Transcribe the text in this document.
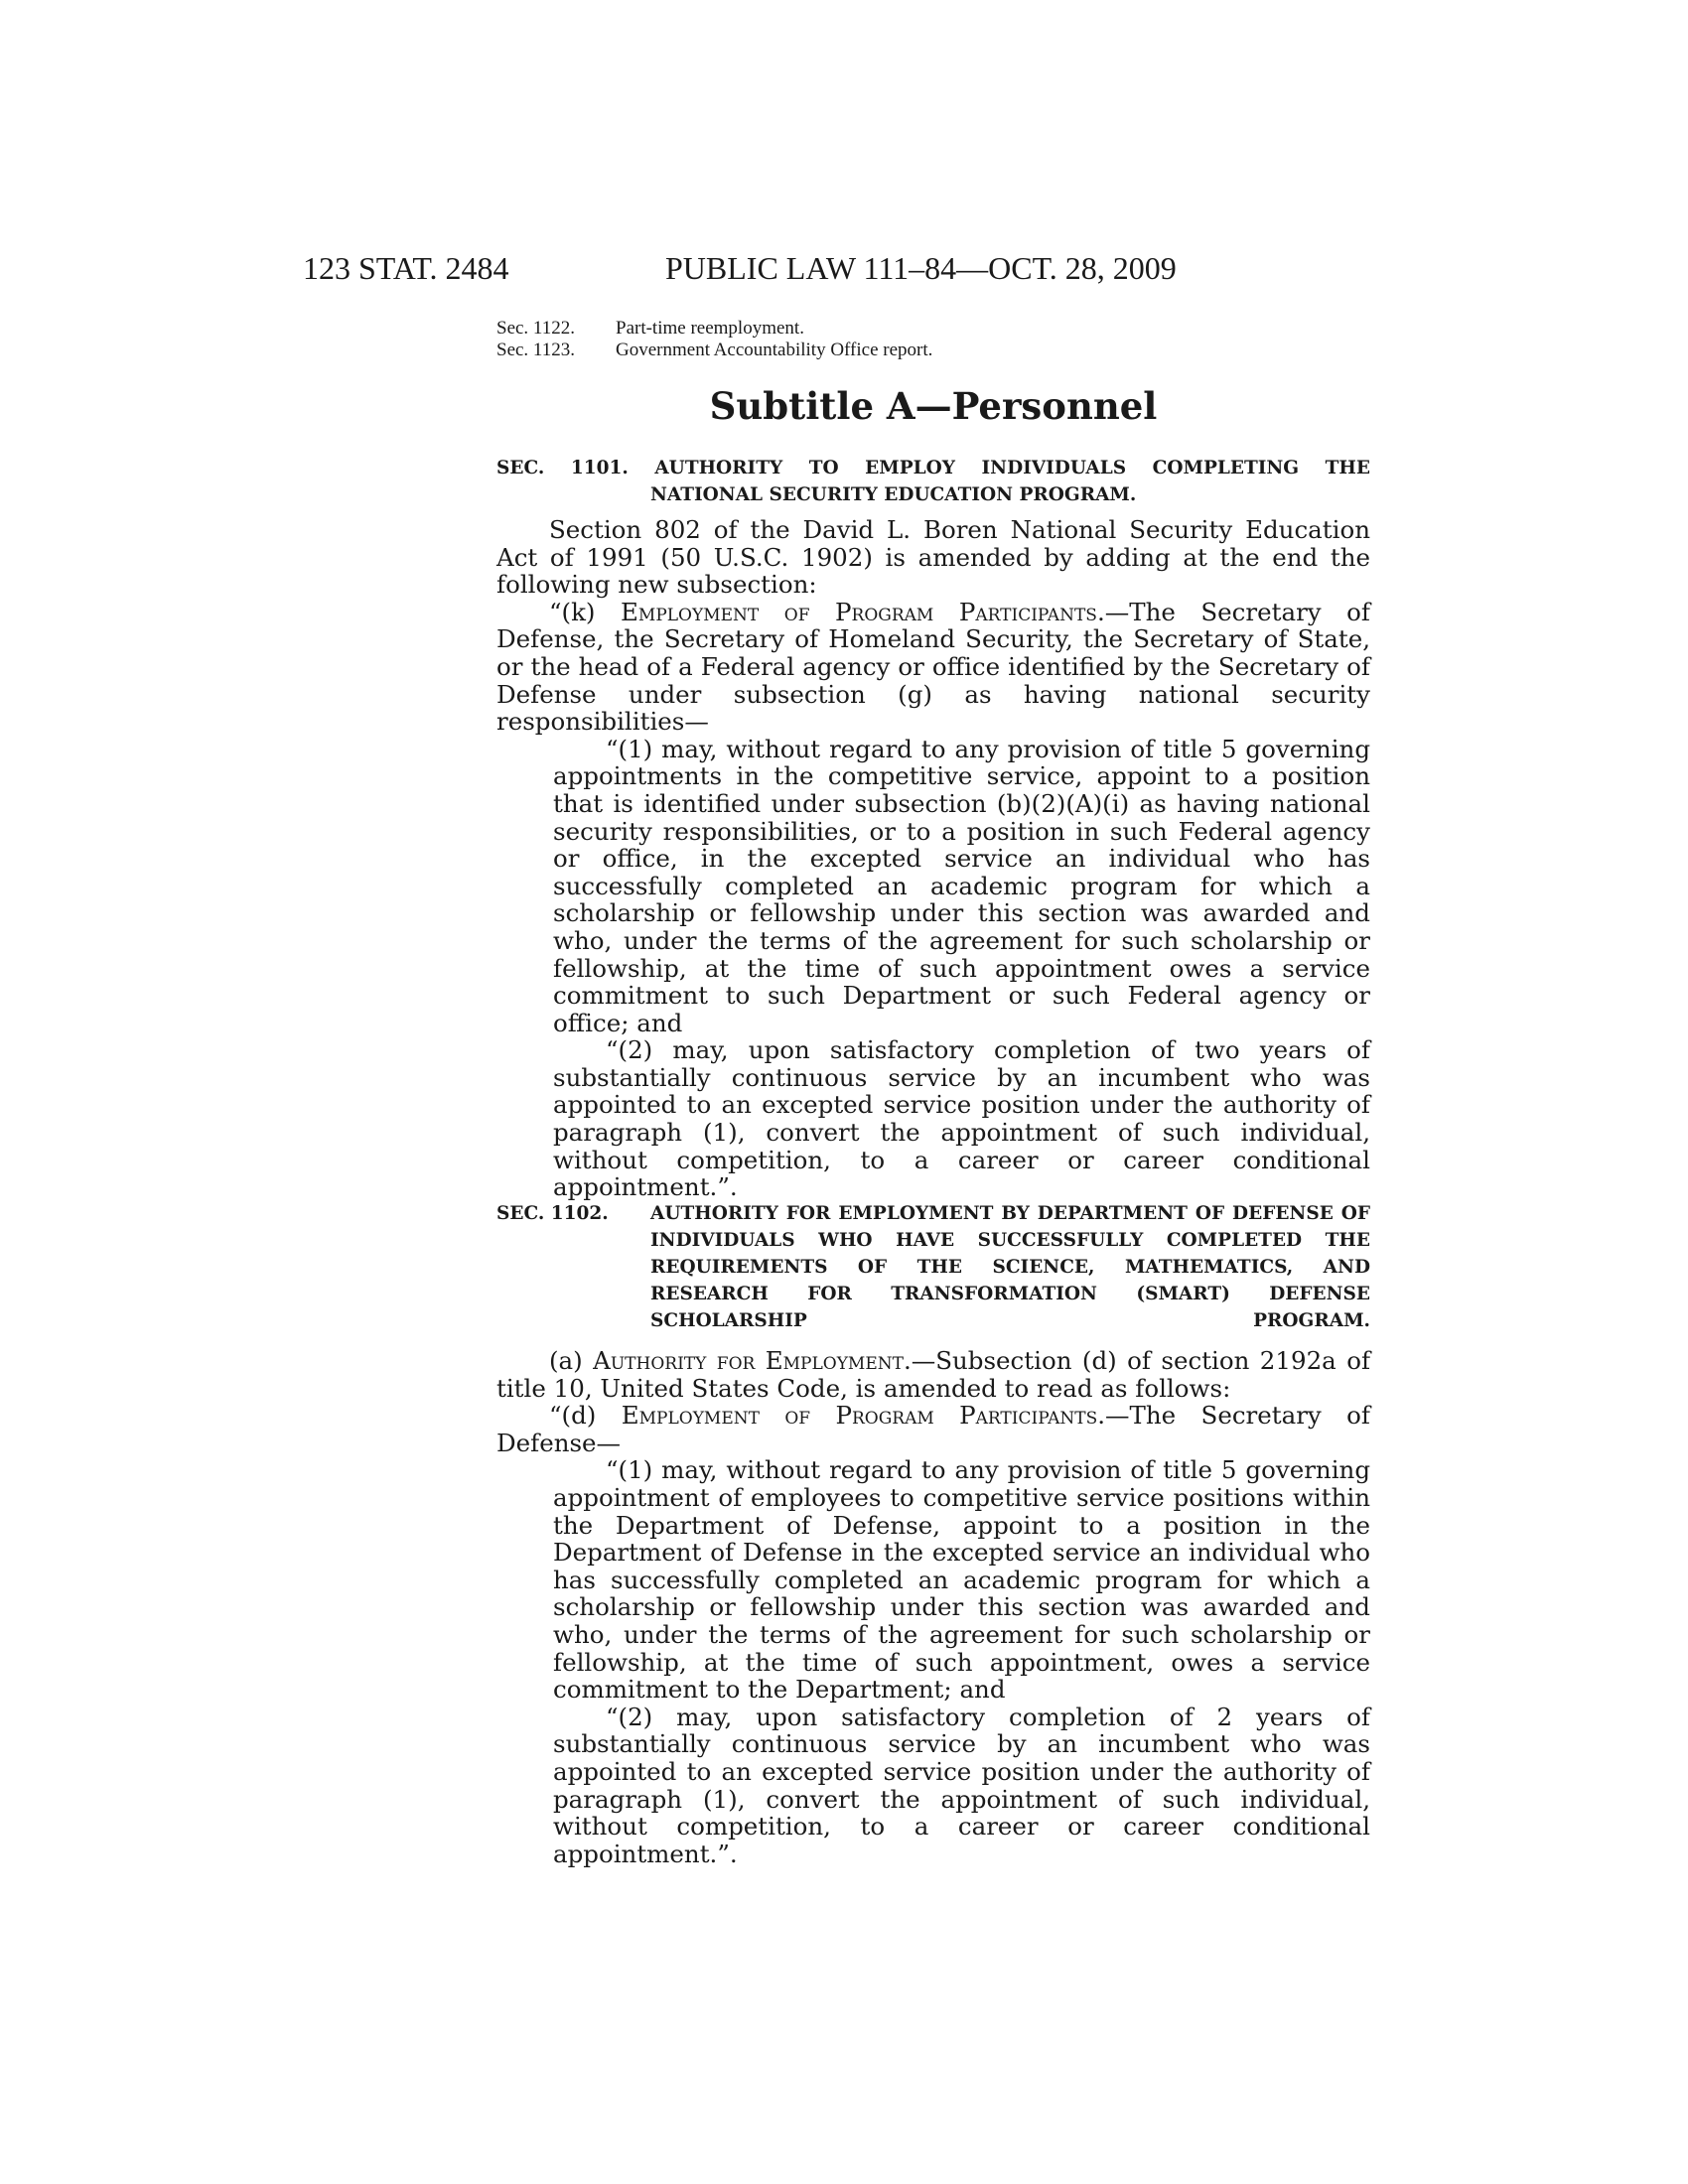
123 STAT. 2484	PUBLIC LAW 111–84—OCT. 28, 2009
Sec. 1122. Part-time reemployment.
Sec. 1123. Government Accountability Office report.
Subtitle A—Personnel
SEC. 1101. AUTHORITY TO EMPLOY INDIVIDUALS COMPLETING THE
NATIONAL SECURITY EDUCATION PROGRAM.

Section 802 of the David L. Boren National Security Education Act of 1991 (50 U.S.C. 1902) is amended by adding at the end the following new subsection:

“(k) Employment of Program Participants.—The Secretary of Defense, the Secretary of Homeland Security, the Secretary of State, or the head of a Federal agency or office identified by the Secretary of Defense under subsection (g) as having national security responsibilities—

“(1) may, without regard to any provision of title 5 governing appointments in the competitive service, appoint to a position that is identified under subsection (b)(2)(A)(i) as having national security responsibilities, or to a position in such Federal agency or office, in the excepted service an individual who has successfully completed an academic program for which a scholarship or fellowship under this section was awarded and who, under the terms of the agreement for such scholarship or fellowship, at the time of such appointment owes a service commitment to such Department or such Federal agency or office; and

“(2) may, upon satisfactory completion of two years of substantially continuous service by an incumbent who was appointed to an excepted service position under the authority of paragraph (1), convert the appointment of such individual, without competition, to a career or career conditional appointment.”.

SEC. 1102. AUTHORITY FOR EMPLOYMENT BY DEPARTMENT OF DEFENSE OF INDIVIDUALS WHO HAVE SUCCESSFULLY COMPLETED THE REQUIREMENTS OF THE SCIENCE, MATHEMATICS, AND RESEARCH FOR TRANSFORMATION (SMART) DEFENSE SCHOLARSHIP PROGRAM.

(a) Authority for Employment.—Subsection (d) of section 2192a of title 10, United States Code, is amended to read as follows:

“(d) Employment of Program Participants.—The Secretary of Defense—

“(1) may, without regard to any provision of title 5 governing appointment of employees to competitive service positions within the Department of Defense, appoint to a position in the Department of Defense in the excepted service an individual who has successfully completed an academic program for which a scholarship or fellowship under this section was awarded and who, under the terms of the agreement for such scholarship or fellowship, at the time of such appointment, owes a service commitment to the Department; and

“(2) may, upon satisfactory completion of 2 years of substantially continuous service by an incumbent who was appointed to an excepted service position under the authority of paragraph (1), convert the appointment of such individual, without competition, to a career or career conditional appointment.”.
